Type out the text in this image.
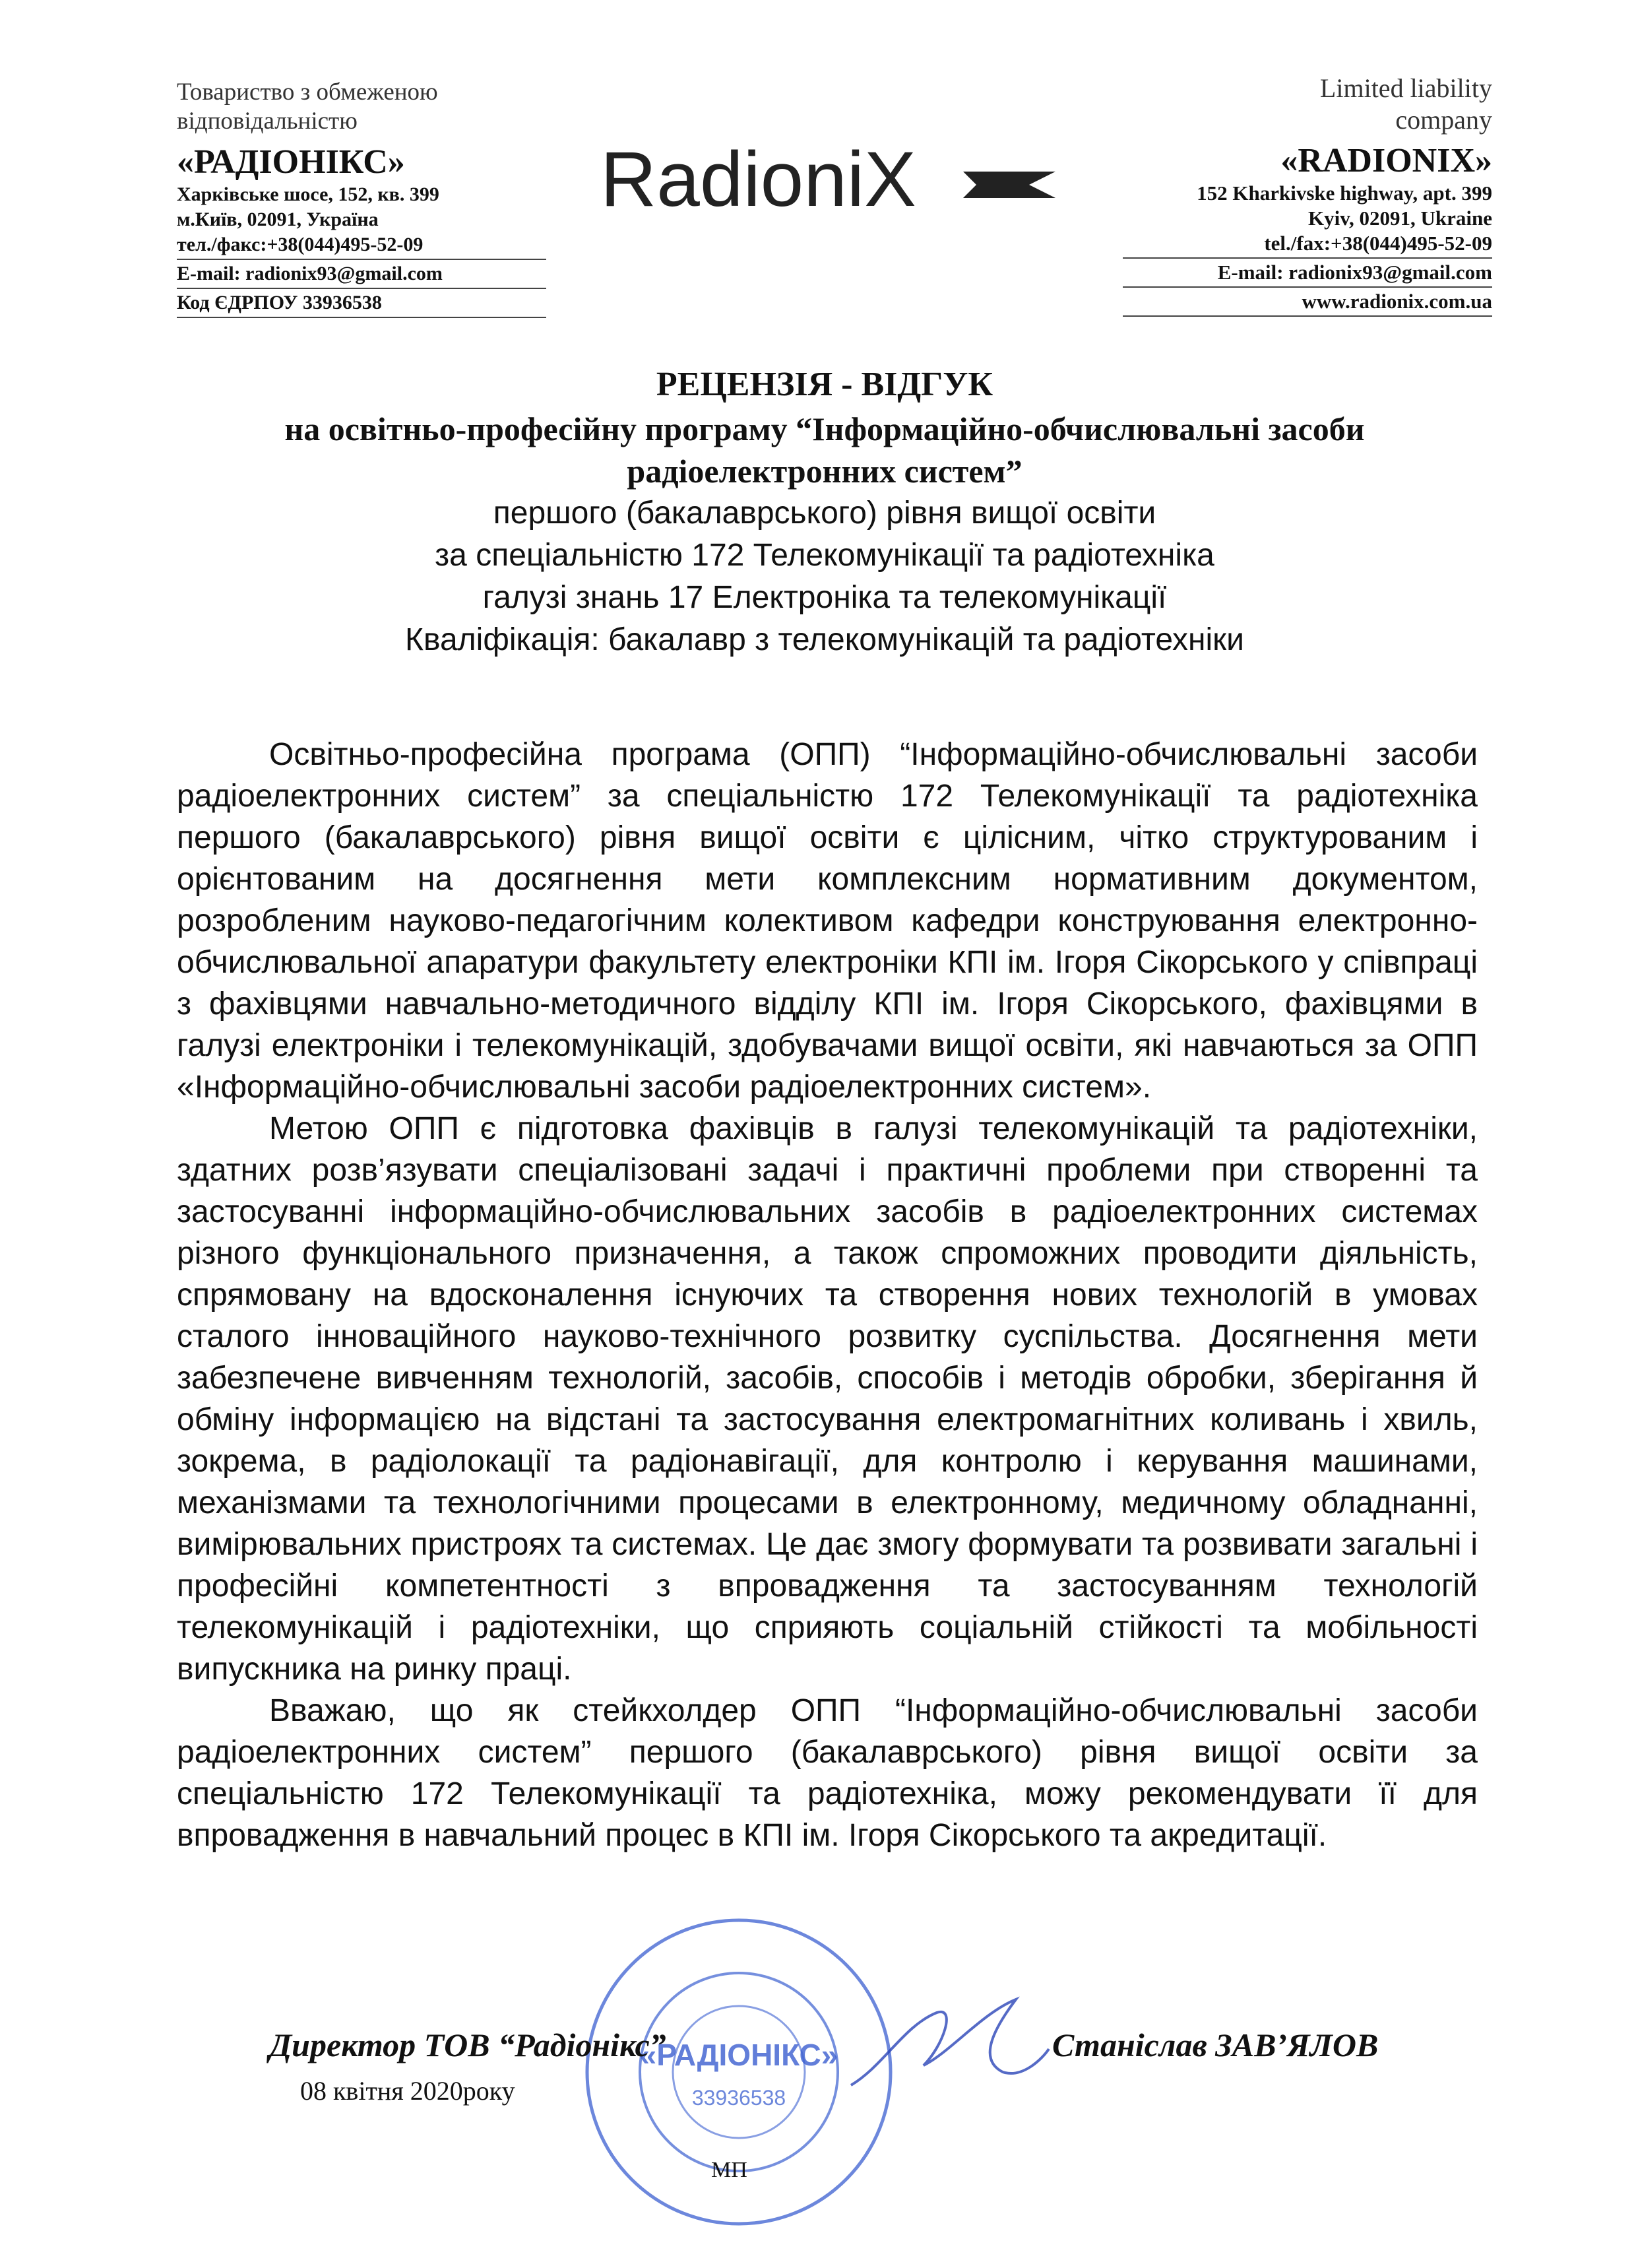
Товариство з обмеженою
відповідальністю
«РАДІОНІКС»
Харківське шосе, 152, кв. 399
м.Київ, 02091, Україна
тел./факс:+38(044)495-52-09
E-mail: radionix93@gmail.com
Код ЄДРПОУ 33936538
RadioniX
Limited liability
company
«RADIONIX»
152 Kharkivske highway, apt. 399
Kyiv, 02091, Ukraine
tel./fax:+38(044)495-52-09
E-mail: radionix93@gmail.com
www.radionix.com.ua
РЕЦЕНЗІЯ - ВІДГУК
на освітньо-професійну програму “Інформаційно-обчислювальні засоби
радіоелектронних систем”
першого (бакалаврського) рівня вищої освіти
за спеціальністю 172 Телекомунікації та радіотехніка
галузі знань 17 Електроніка та телекомунікації
Кваліфікація: бакалавр з телекомунікацій та радіотехніки

Освітньо-професійна програма (ОПП) “Інформаційно-обчислювальні засоби радіоелектронних систем” за спеціальністю 172 Телекомунікації та радіотехніка першого (бакалаврського) рівня вищої освіти є цілісним, чітко структурованим і орієнтованим на досягнення мети комплексним нормативним документом, розробленим науково-педагогічним колективом кафедри конструювання електронно-обчислювальної апаратури факультету електроніки КПІ ім. Ігоря Сікорського у співпраці з фахівцями навчально-методичного відділу КПІ ім. Ігоря Сікорського, фахівцями в галузі електроніки і телекомунікацій, здобувачами вищої освіти, які навчаються за ОПП «Інформаційно-обчислювальні засоби радіоелектронних систем».

Метою ОПП є підготовка фахівців в галузі телекомунікацій та радіотехніки, здатних розв’язувати спеціалізовані задачі і практичні проблеми при створенні та застосуванні інформаційно-обчислювальних засобів в радіоелектронних системах різного функціонального призначення, а також спроможних проводити діяльність, спрямовану на вдосконалення існуючих та створення нових технологій в умовах сталого інноваційного науково-технічного розвитку суспільства. Досягнення мети забезпечене вивченням технологій, засобів, способів і методів обробки, зберігання й обміну інформацією на відстані та застосування електромагнітних коливань і хвиль, зокрема, в радіолокації та радіонавігації, для контролю і керування машинами, механізмами та технологічними процесами в електронному, медичному обладнанні, вимірювальних пристроях та системах. Це дає змогу формувати та розвивати загальні і професійні компетентності з впровадження та застосуванням технологій телекомунікацій і радіотехніки, що сприяють соціальній стійкості та мобільності випускника на ринку праці.

Вважаю, що як стейкхолдер ОПП “Інформаційно-обчислювальні засоби радіоелектронних систем” першого (бакалаврського) рівня вищої освіти за спеціальністю 172 Телекомунікації та радіотехніка, можу рекомендувати її для впровадження в навчальний процес в КПІ ім. Ігоря Сікорського та акредитації.

«РАДІОНІКС»
33936538
Директор ТОВ “Радіонікс”	Станіслав ЗАВ’ЯЛОВ
08 квітня 2020року
МП
